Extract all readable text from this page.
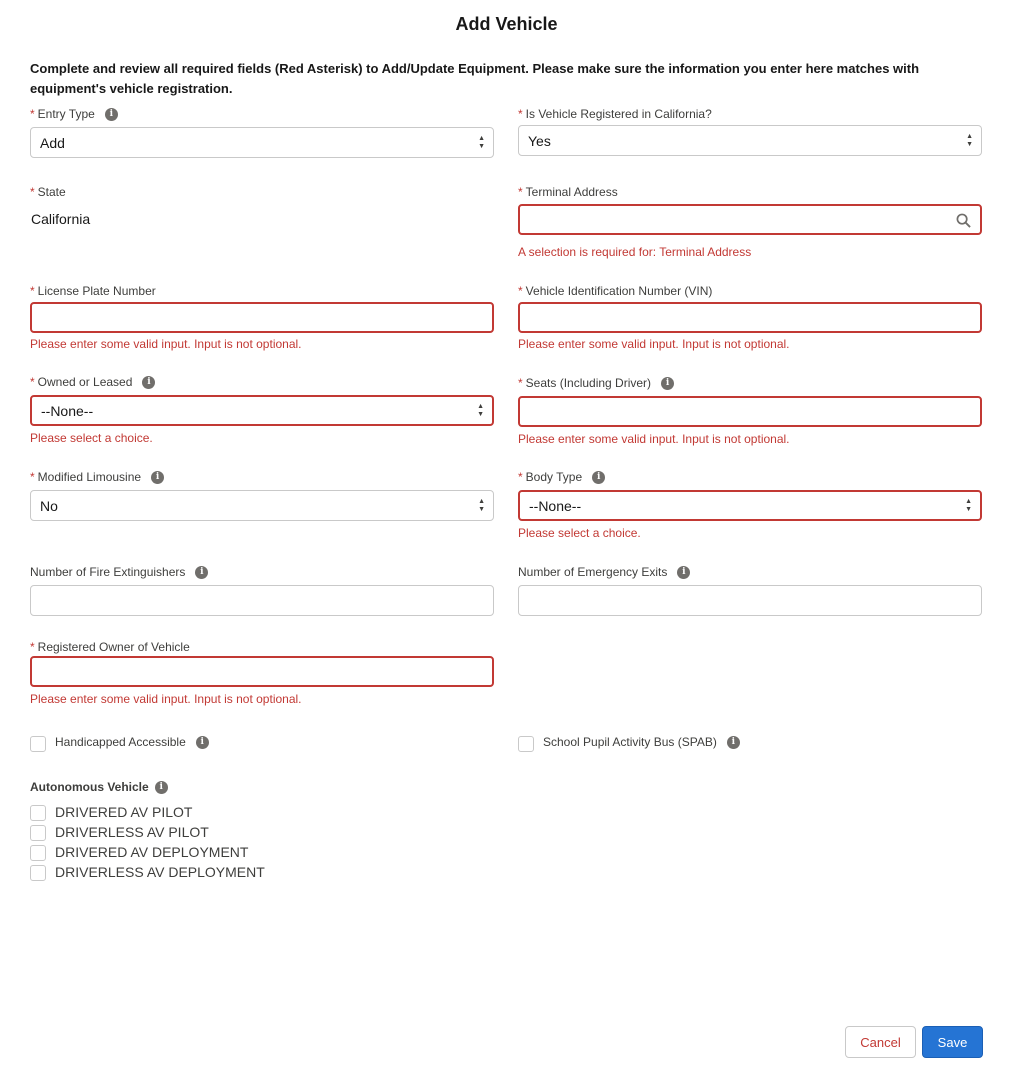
Add Vehicle
Complete and review all required fields (Red Asterisk) to Add/Update Equipment. Please make sure the information you enter here matches with equipment's vehicle registration.
* Entry Type	i
Add	▲
▼
* Is Vehicle Registered in California?
Yes	▲
▼
* State
California
* Terminal Address
A selection is required for: Terminal Address
* License Plate Number
Please enter some valid input. Input is not optional.
* Vehicle Identification Number (VIN)
Please enter some valid input. Input is not optional.
* Owned or Leased	i
--None--	▲
▼
Please select a choice.
* Seats (Including Driver)	i
Please enter some valid input. Input is not optional.
* Modified Limousine	i
No	▲
▼
* Body Type	i
--None--	▲
▼
Please select a choice.
Number of Fire Extinguishers	i	Number of Emergency Exits	i
* Registered Owner of Vehicle
Please enter some valid input. Input is not optional.
Handicapped Accessible	i	School Pupil Activity Bus (SPAB)	i
Autonomous Vehicle	i
DRIVERED AV PILOT
DRIVERLESS AV PILOT
DRIVERED AV DEPLOYMENT
DRIVERLESS AV DEPLOYMENT
Cancel	Save
